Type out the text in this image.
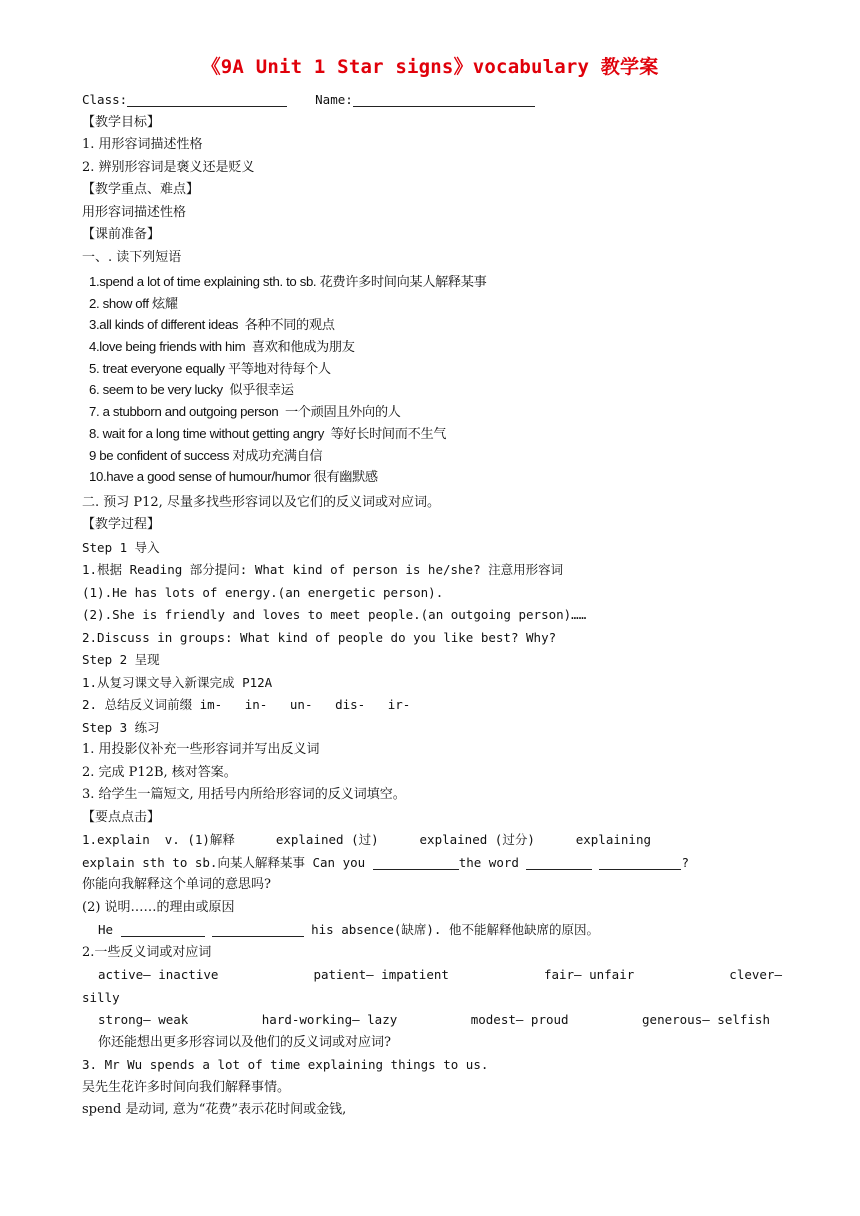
《9A Unit 1 Star signs》vocabulary 教学案
Class:	Name:
【教学目标】
1. 用形容词描述性格
2. 辨别形容词是褒义还是贬义
【教学重点、难点】
用形容词描述性格
【课前准备】
一、. 读下列短语
1.spend a lot of time explaining sth. to sb. 花费许多时间向某人解释某事
2. show off 炫耀
3.all kinds of different ideas  各种不同的观点
4.love being friends with him  喜欢和他成为朋友
5. treat everyone equally 平等地对待每个人
6. seem to be very lucky  似乎很幸运
7. a stubborn and outgoing person  一个顽固且外向的人
8. wait for a long time without getting angry  等好长时间而不生气
9 be confident of success 对成功充满自信
10.have a good sense of humour/humor 很有幽默感
二. 预习 P12, 尽量多找些形容词以及它们的反义词或对应词。
【教学过程】
Step 1 导入
1.根据 Reading 部分提问: What kind of person is he/she? 注意用形容词
(1).He has lots of energy.(an energetic person).
(2).She is friendly and loves to meet people.(an outgoing person)……
2.Discuss in groups: What kind of people do you like best? Why?
Step 2 呈现
1.从复习课文导入新课完成 P12A
2. 总结反义词前缀 im-   in-   un-   dis-   ir-
Step 3 练习
1. 用投影仪补充一些形容词并写出反义词
2. 完成 P12B, 核对答案。
3. 给学生一篇短文, 用括号内所给形容词的反义词填空。
【要点点击】
1.explain  v. (1)解释	explained (过)	explained (过分)	explaining
explain sth to sb.向某人解释某事 Can you	the word	?
你能向我解释这个单词的意思吗?
(2) 说明……的理由或原因
He	his absence(缺席). 他不能解释他缺席的原因。
2.一些反义词或对应词
active— inactive	patient— impatient	fair— unfair	clever—
silly
strong— weak	hard-working— lazy	modest— proud	generous— selfish
你还能想出更多形容词以及他们的反义词或对应词?
3. Mr Wu spends a lot of time explaining things to us.
吴先生花许多时间向我们解释事情。
spend 是动词, 意为“花费”表示花时间或金钱,
